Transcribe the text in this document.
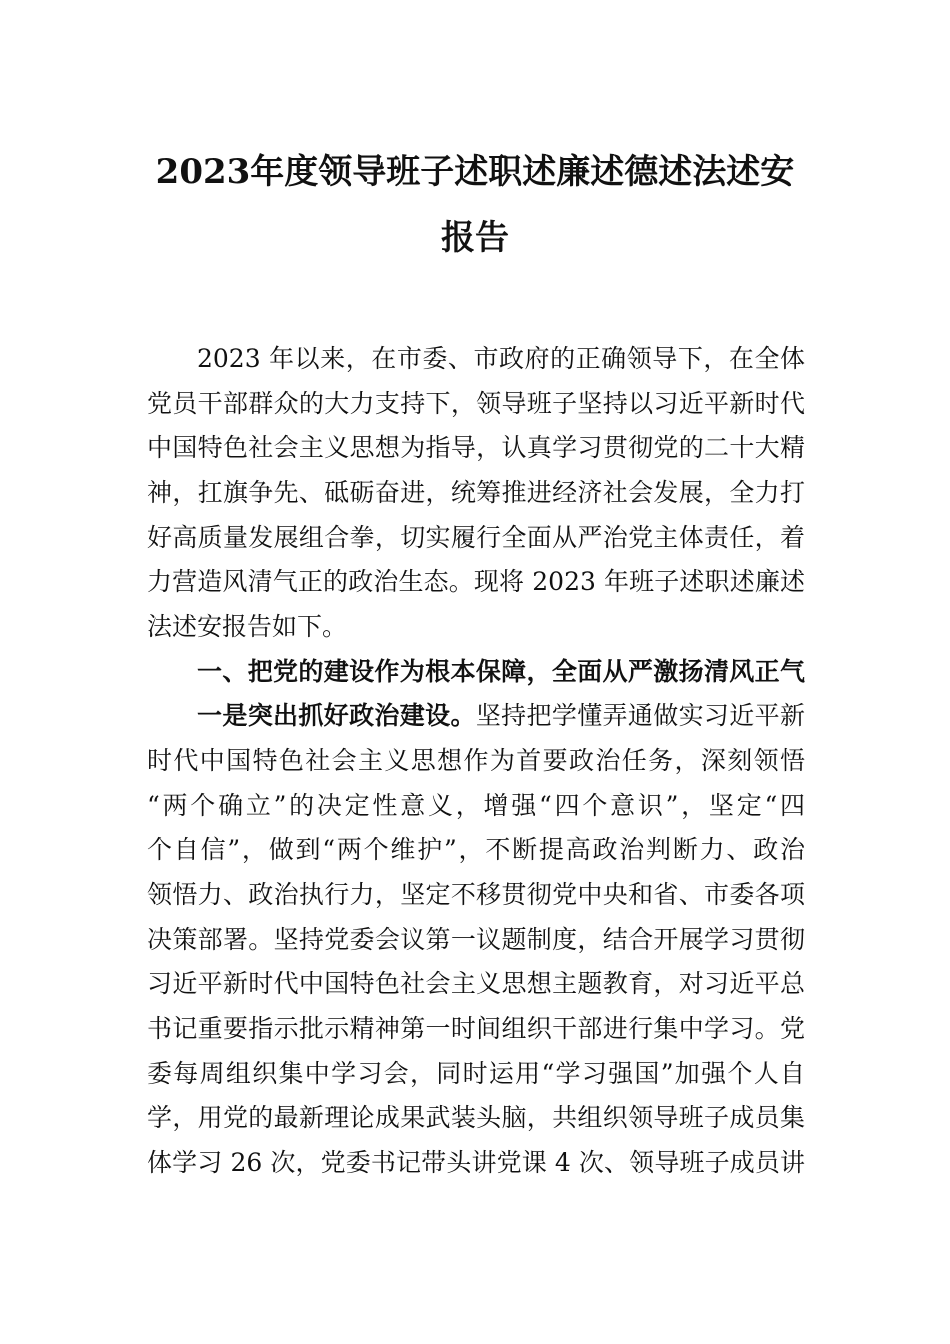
2023年度领导班子述职述廉述德述法述安
报告
2023 年以来，在市委、市政府的正确领导下，在全体
党员干部群众的大力支持下，领导班子坚持以习近平新时代
中国特色社会主义思想为指导，认真学习贯彻党的二十大精
神，扛旗争先、砥砺奋进，统筹推进经济社会发展，全力打
好高质量发展组合拳，切实履行全面从严治党主体责任，着
力营造风清气正的政治生态。现将 2023 年班子述职述廉述
法述安报告如下。
一、把党的建设作为根本保障，全面从严激扬清风正气
一是突出抓好政治建设。坚持把学懂弄通做实习近平新
时代中国特色社会主义思想作为首要政治任务，深刻领悟
“两个确立”的决定性意义，增强“四个意识”，坚定“四
个自信”，做到“两个维护”，不断提高政治判断力、政治
领悟力、政治执行力，坚定不移贯彻党中央和省、市委各项
决策部署。坚持党委会议第一议题制度，结合开展学习贯彻
习近平新时代中国特色社会主义思想主题教育，对习近平总
书记重要指示批示精神第一时间组织干部进行集中学习。党
委每周组织集中学习会，同时运用“学习强国”加强个人自
学，用党的最新理论成果武装头脑，共组织领导班子成员集
体学习 26 次，党委书记带头讲党课 4 次、领导班子成员讲
